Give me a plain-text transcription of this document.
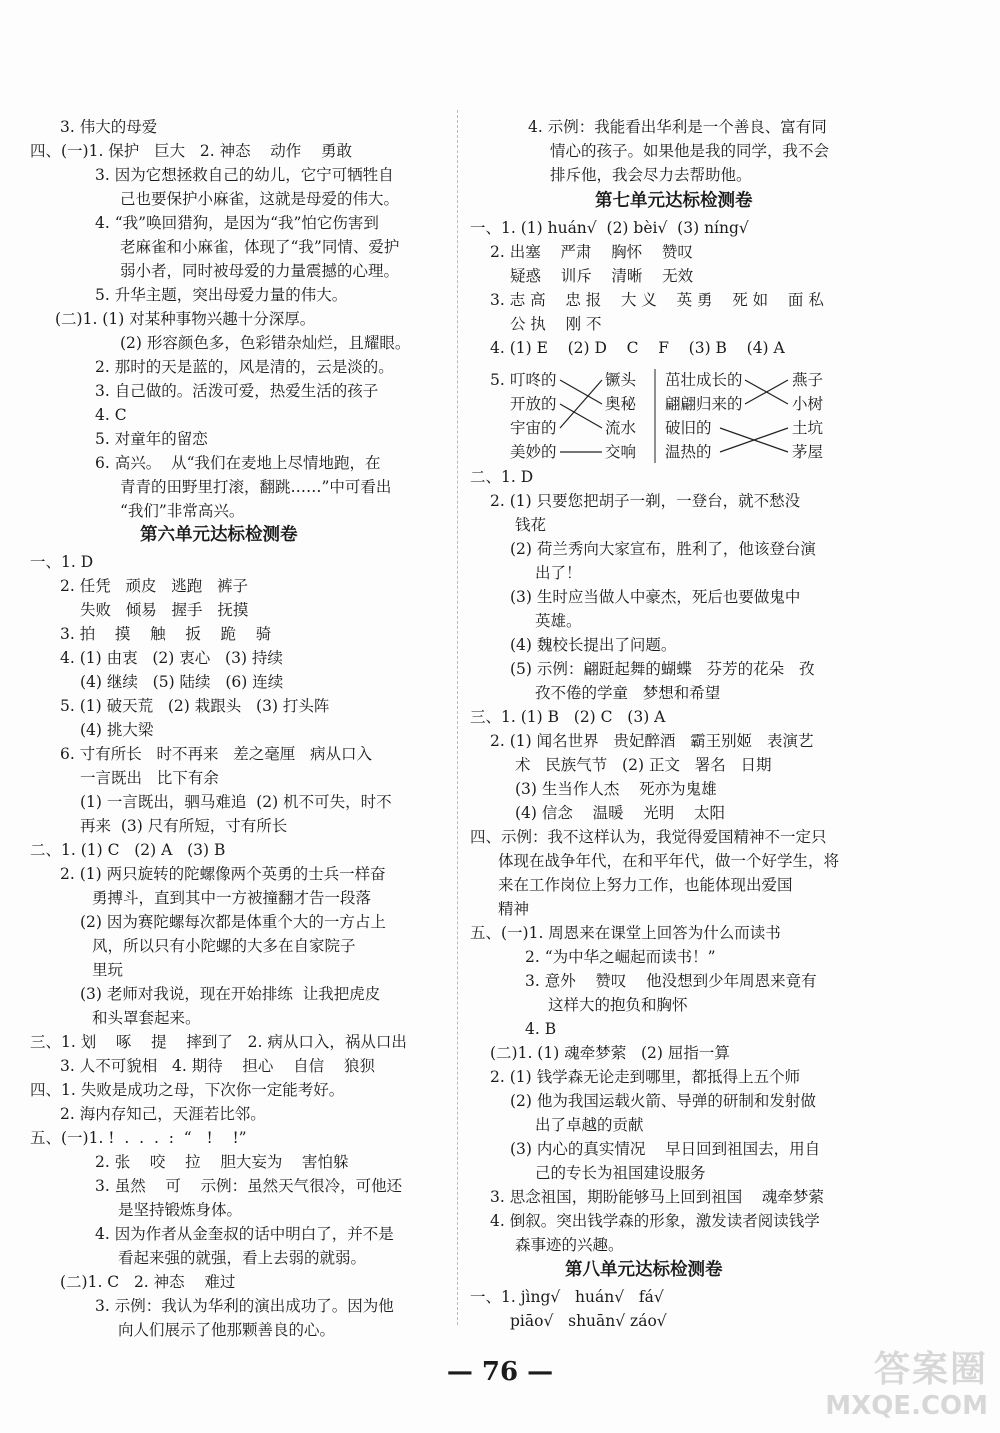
3. 伟大的母爱
四、(一)1. 保护   巨大   2. 神态    动作    勇敢
3. 因为它想拯救自己的幼儿，它宁可牺牲自
己也要保护小麻雀，这就是母爱的伟大。
4. “我”唤回猎狗，是因为“我”怕它伤害到
老麻雀和小麻雀，体现了“我”同情、爱护
弱小者，同时被母爱的力量震撼的心理。
5. 升华主题，突出母爱力量的伟大。
(二)1. (1) 对某种事物兴趣十分深厚。
(2) 形容颜色多，色彩错杂灿烂，且耀眼。
2. 那时的天是蓝的，风是清的，云是淡的。
3. 自己做的。活泼可爱，热爱生活的孩子
4. C
5. 对童年的留恋
6. 高兴。  从“我们在麦地上尽情地跑，在
青青的田野里打滚，翻跳……”中可看出
“我们”非常高兴。
第六单元达标检测卷
一、1. D
2. 任凭   顽皮   逃跑   裤子
失败   倾易   握手   抚摸
3. 拍    摸    触    扳    跪    骑
4. (1) 由衷   (2) 衷心   (3) 持续
(4) 继续   (5) 陆续   (6) 连续
5. (1) 破天荒   (2) 栽跟头   (3) 打头阵
(4) 挑大梁
6. 寸有所长   时不再来   差之毫厘   病从口入
一言既出   比下有余
(1) 一言既出，驷马难追  (2) 机不可失，时不
再来  (3) 尺有所短，寸有所长
二、1. (1) C   (2) A   (3) B
2. (1) 两只旋转的陀螺像两个英勇的士兵一样奋
勇搏斗，直到其中一方被撞翻才告一段落
(2) 因为赛陀螺每次都是体重个大的一方占上
风，所以只有小陀螺的大多在自家院子
里玩
(3) 老师对我说，现在开始排练  让我把虎皮
和头罩套起来。
三、1. 划    啄    提    摔到了   2. 病从口入，祸从口出
3. 人不可貌相   4. 期待    担心    自信    狼狈
四、1. 失败是成功之母，下次你一定能考好。
2. 海内存知己，天涯若比邻。
五、(一)1. !  .  .  .  :  “   !    !”
2. 张    咬    拉    胆大妄为    害怕躲
3. 虽然    可    示例：虽然天气很冷，可他还
是坚持锻炼身体。
4. 因为作者从金奎叔的话中明白了，并不是
看起来强的就强，看上去弱的就弱。
(二)1. C   2. 神态    难过
3. 示例：我认为华利的演出成功了。因为他
向人们展示了他那颗善良的心。
4. 示例：我能看出华利是一个善良、富有同
情心的孩子。如果他是我的同学，我不会
排斥他，我会尽力去帮助他。
第七单元达标检测卷
一、1. (1) huán√  (2) bèi√  (3) níng√
2. 出塞    严肃    胸怀    赞叹
疑惑    训斥    清晰    无效
3. 志 高    忠 报    大 义    英 勇    死 如    面 私
公 执    刚 不
4. (1) E    (2) D    C    F    (3) B    (4) A
5. 叮咚的
开放的
宇宙的
美妙的
镢头
奥秘
流水
交响
茁壮成长的
翩翩归来的
破旧的
温热的
燕子
小树
土坑
茅屋
二、1. D
2. (1) 只要您把胡子一剃，一登台，就不愁没
钱花
(2) 荷兰秀向大家宣布，胜利了，他该登台演
出了！
(3) 生时应当做人中豪杰，死后也要做鬼中
英雄。
(4) 魏校长提出了问题。
(5) 示例：翩跹起舞的蝴蝶   芬芳的花朵   孜
孜不倦的学童   梦想和希望
三、1. (1) B   (2) C   (3) A
2. (1) 闻名世界   贵妃醉酒   霸王别姬   表演艺
术   民族气节   (2) 正文   署名   日期
(3) 生当作人杰    死亦为鬼雄
(4) 信念    温暖    光明    太阳
四、示例：我不这样认为，我觉得爱国精神不一定只
体现在战争年代，在和平年代，做一个好学生，将
来在工作岗位上努力工作，也能体现出爱国
精神
五、(一)1. 周恩来在课堂上回答为什么而读书
2. “为中华之崛起而读书！”
3. 意外    赞叹    他没想到少年周恩来竟有
这样大的抱负和胸怀
4. B
(二)1. (1) 魂牵梦萦   (2) 屈指一算
2. (1) 钱学森无论走到哪里，都抵得上五个师
(2) 他为我国运载火箭、导弹的研制和发射做
出了卓越的贡献
(3) 内心的真实情况    早日回到祖国去，用自
己的专长为祖国建设服务
3. 思念祖国，期盼能够马上回到祖国    魂牵梦萦
4. 倒叙。突出钱学森的形象，激发读者阅读钱学
森事迹的兴趣。
第八单元达标检测卷
一、1. jìng√   huán√   fá√
piāo√   shuān√ záo√
— 76 —	答案圈
MXQE.COM
